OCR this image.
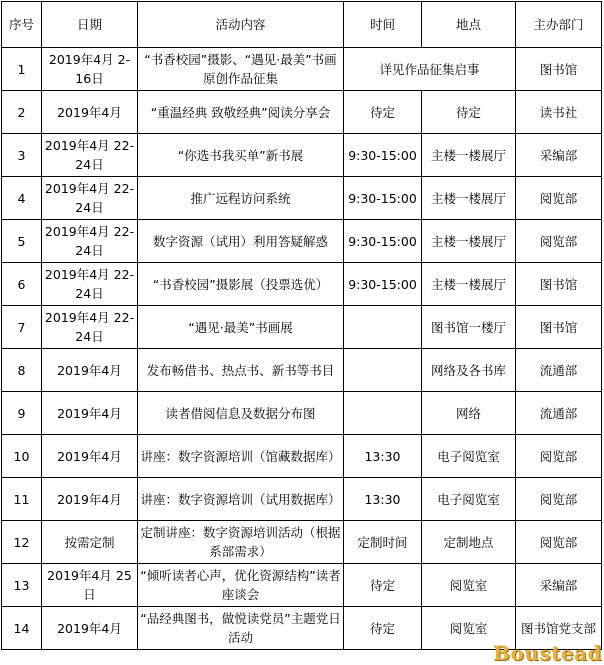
序号	日期	活动内容	时间	地点	主办部门
1	2019年4月 2-16日	“书香校园”摄影、“遇见·最美”书画原创作品征集	详见作品征集启事		图书馆
2	2019年4月	“重温经典 致敬经典”阅读分享会	待定	待定	读书社
3	2019年4月 22-24日	“你选书我买单”新书展	9:30-15:00	主楼一楼展厅	采编部
4	2019年4月 22-24日	推广远程访问系统	9:30-15:00	主楼一楼展厅	阅览部
5	2019年4月 22-24日	数字资源（试用）利用答疑解惑	9:30-15:00	主楼一楼展厅	阅览部
6	2019年4月 22-24日	“书香校园”摄影展（投票选优）	9:30-15:00	主楼一楼展厅	图书馆
7	2019年4月 22-24日	“遇见·最美”书画展		图书馆一楼厅	图书馆
8	2019年4月	发布畅借书、热点书、新书等书目		网络及各书库	流通部
9	2019年4月	读者借阅信息及数据分布图		网络	流通部
10	2019年4月	讲座：数字资源培训（馆藏数据库）	13:30	电子阅览室	阅览部
11	2019年4月	讲座：数字资源培训（试用数据库）	13:30	电子阅览室	阅览部
12	按需定制	定制讲座：数字资源培训活动（根据系部需求）	定制时间	定制地点	阅览部
13	2019年4月 25日	“倾听读者心声，优化资源结构”读者座谈会	待定	阅览室	采编部
14	2019年4月	“品经典图书，做悦读党员”主题党日活动	待定	阅览室	图书馆党支部
Boustead
